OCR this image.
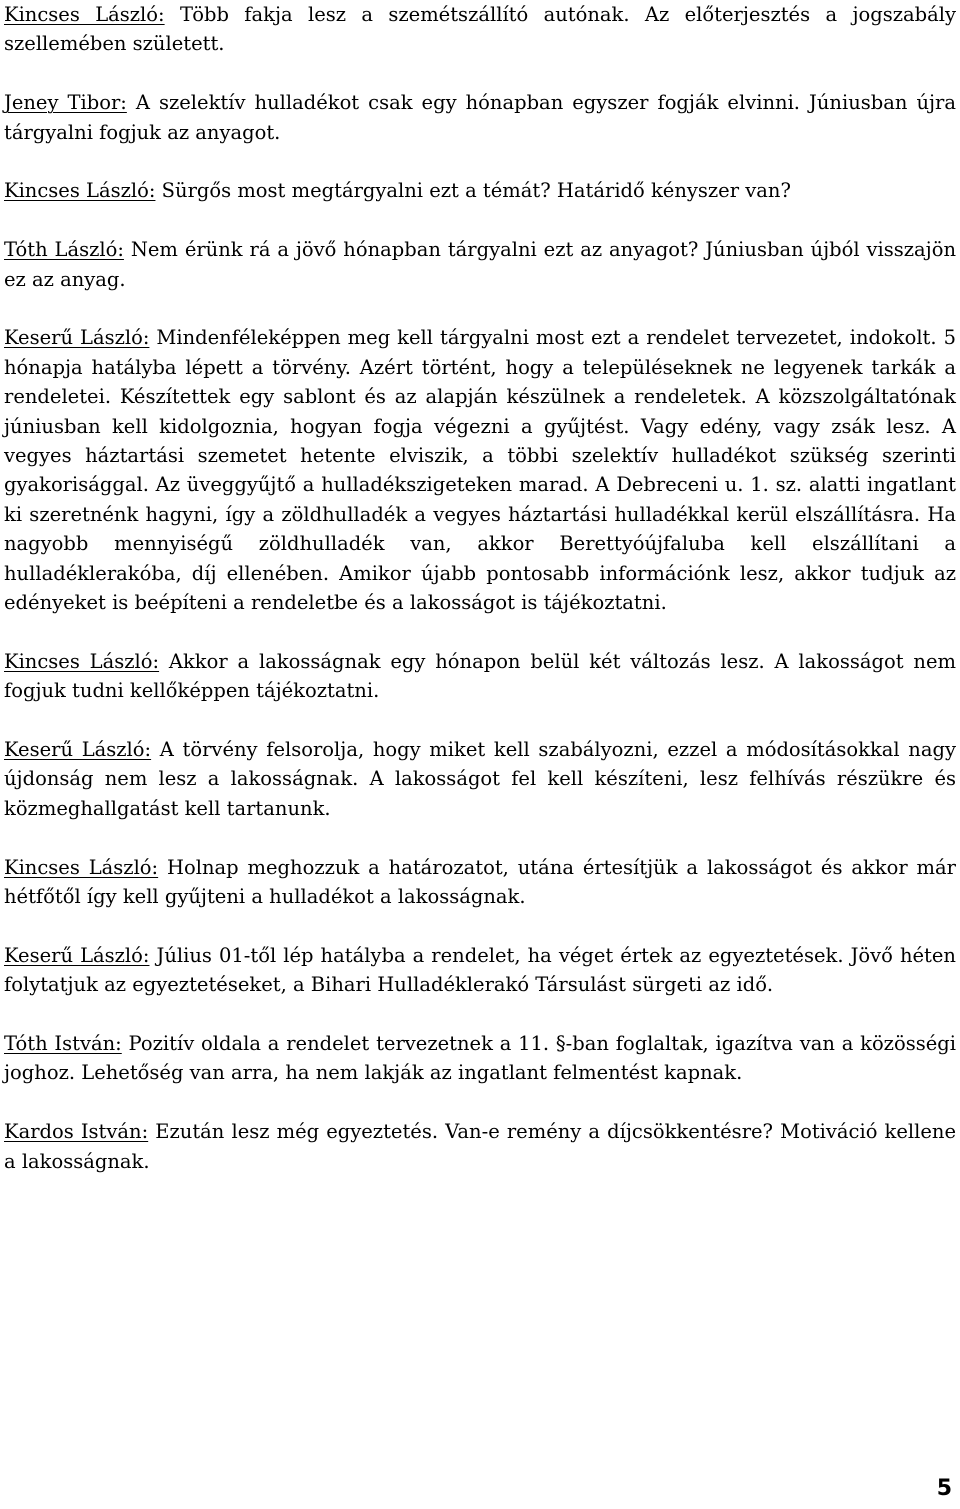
Kincses László: Több fakja lesz a szemétszállító autónak. Az előterjesztés a jogszabály szellemében született.

Jeney Tibor: A szelektív hulladékot csak egy hónapban egyszer fogják elvinni. Júniusban újra tárgyalni fogjuk az anyagot.

Kincses László: Sürgős most megtárgyalni ezt a témát? Határidő kényszer van?

Tóth László: Nem érünk rá a jövő hónapban tárgyalni ezt az anyagot? Júniusban újból visszajön ez az anyag.

Keserű László: Mindenféleképpen meg kell tárgyalni most ezt a rendelet tervezetet, indokolt. 5 hónapja hatályba lépett a törvény. Azért történt, hogy a településeknek ne legyenek tarkák a rendeletei. Készítettek egy sablont és az alapján készülnek a rendeletek. A közszolgáltatónak júniusban kell kidolgoznia, hogyan fogja végezni a gyűjtést. Vagy edény, vagy zsák lesz. A vegyes háztartási szemetet hetente elviszik, a többi szelektív hulladékot szükség szerinti gyakorisággal. Az üveggyűjtő a hulladékszigeteken marad. A Debreceni u. 1. sz. alatti ingatlant ki szeretnénk hagyni, így a zöldhulladék a vegyes háztartási hulladékkal kerül elszállításra. Ha nagyobb mennyiségű zöldhulladék van, akkor Berettyóújfaluba kell elszállítani a hulladéklerakóba, díj ellenében. Amikor újabb pontosabb információnk lesz, akkor tudjuk az edényeket is beépíteni a rendeletbe és a lakosságot is tájékoztatni.

Kincses László: Akkor a lakosságnak egy hónapon belül két változás lesz. A lakosságot nem fogjuk tudni kellőképpen tájékoztatni.

Keserű László: A törvény felsorolja, hogy miket kell szabályozni, ezzel a módosításokkal nagy újdonság nem lesz a lakosságnak. A lakosságot fel kell készíteni, lesz felhívás részükre és közmeghallgatást kell tartanunk.

Kincses László: Holnap meghozzuk a határozatot, utána értesítjük a lakosságot és akkor már hétfőtől így kell gyűjteni a hulladékot a lakosságnak.

Keserű László: Július 01-től lép hatályba a rendelet, ha véget értek az egyeztetések. Jövő héten folytatjuk az egyeztetéseket, a Bihari Hulladéklerakó Társulást sürgeti az idő.

Tóth István: Pozitív oldala a rendelet tervezetnek a 11. §-ban foglaltak, igazítva van a közösségi joghoz. Lehetőség van arra, ha nem lakják az ingatlant felmentést kapnak.

Kardos István: Ezután lesz még egyeztetés. Van-e remény a díjcsökkentésre? Motiváció kellene a lakosságnak.

5
